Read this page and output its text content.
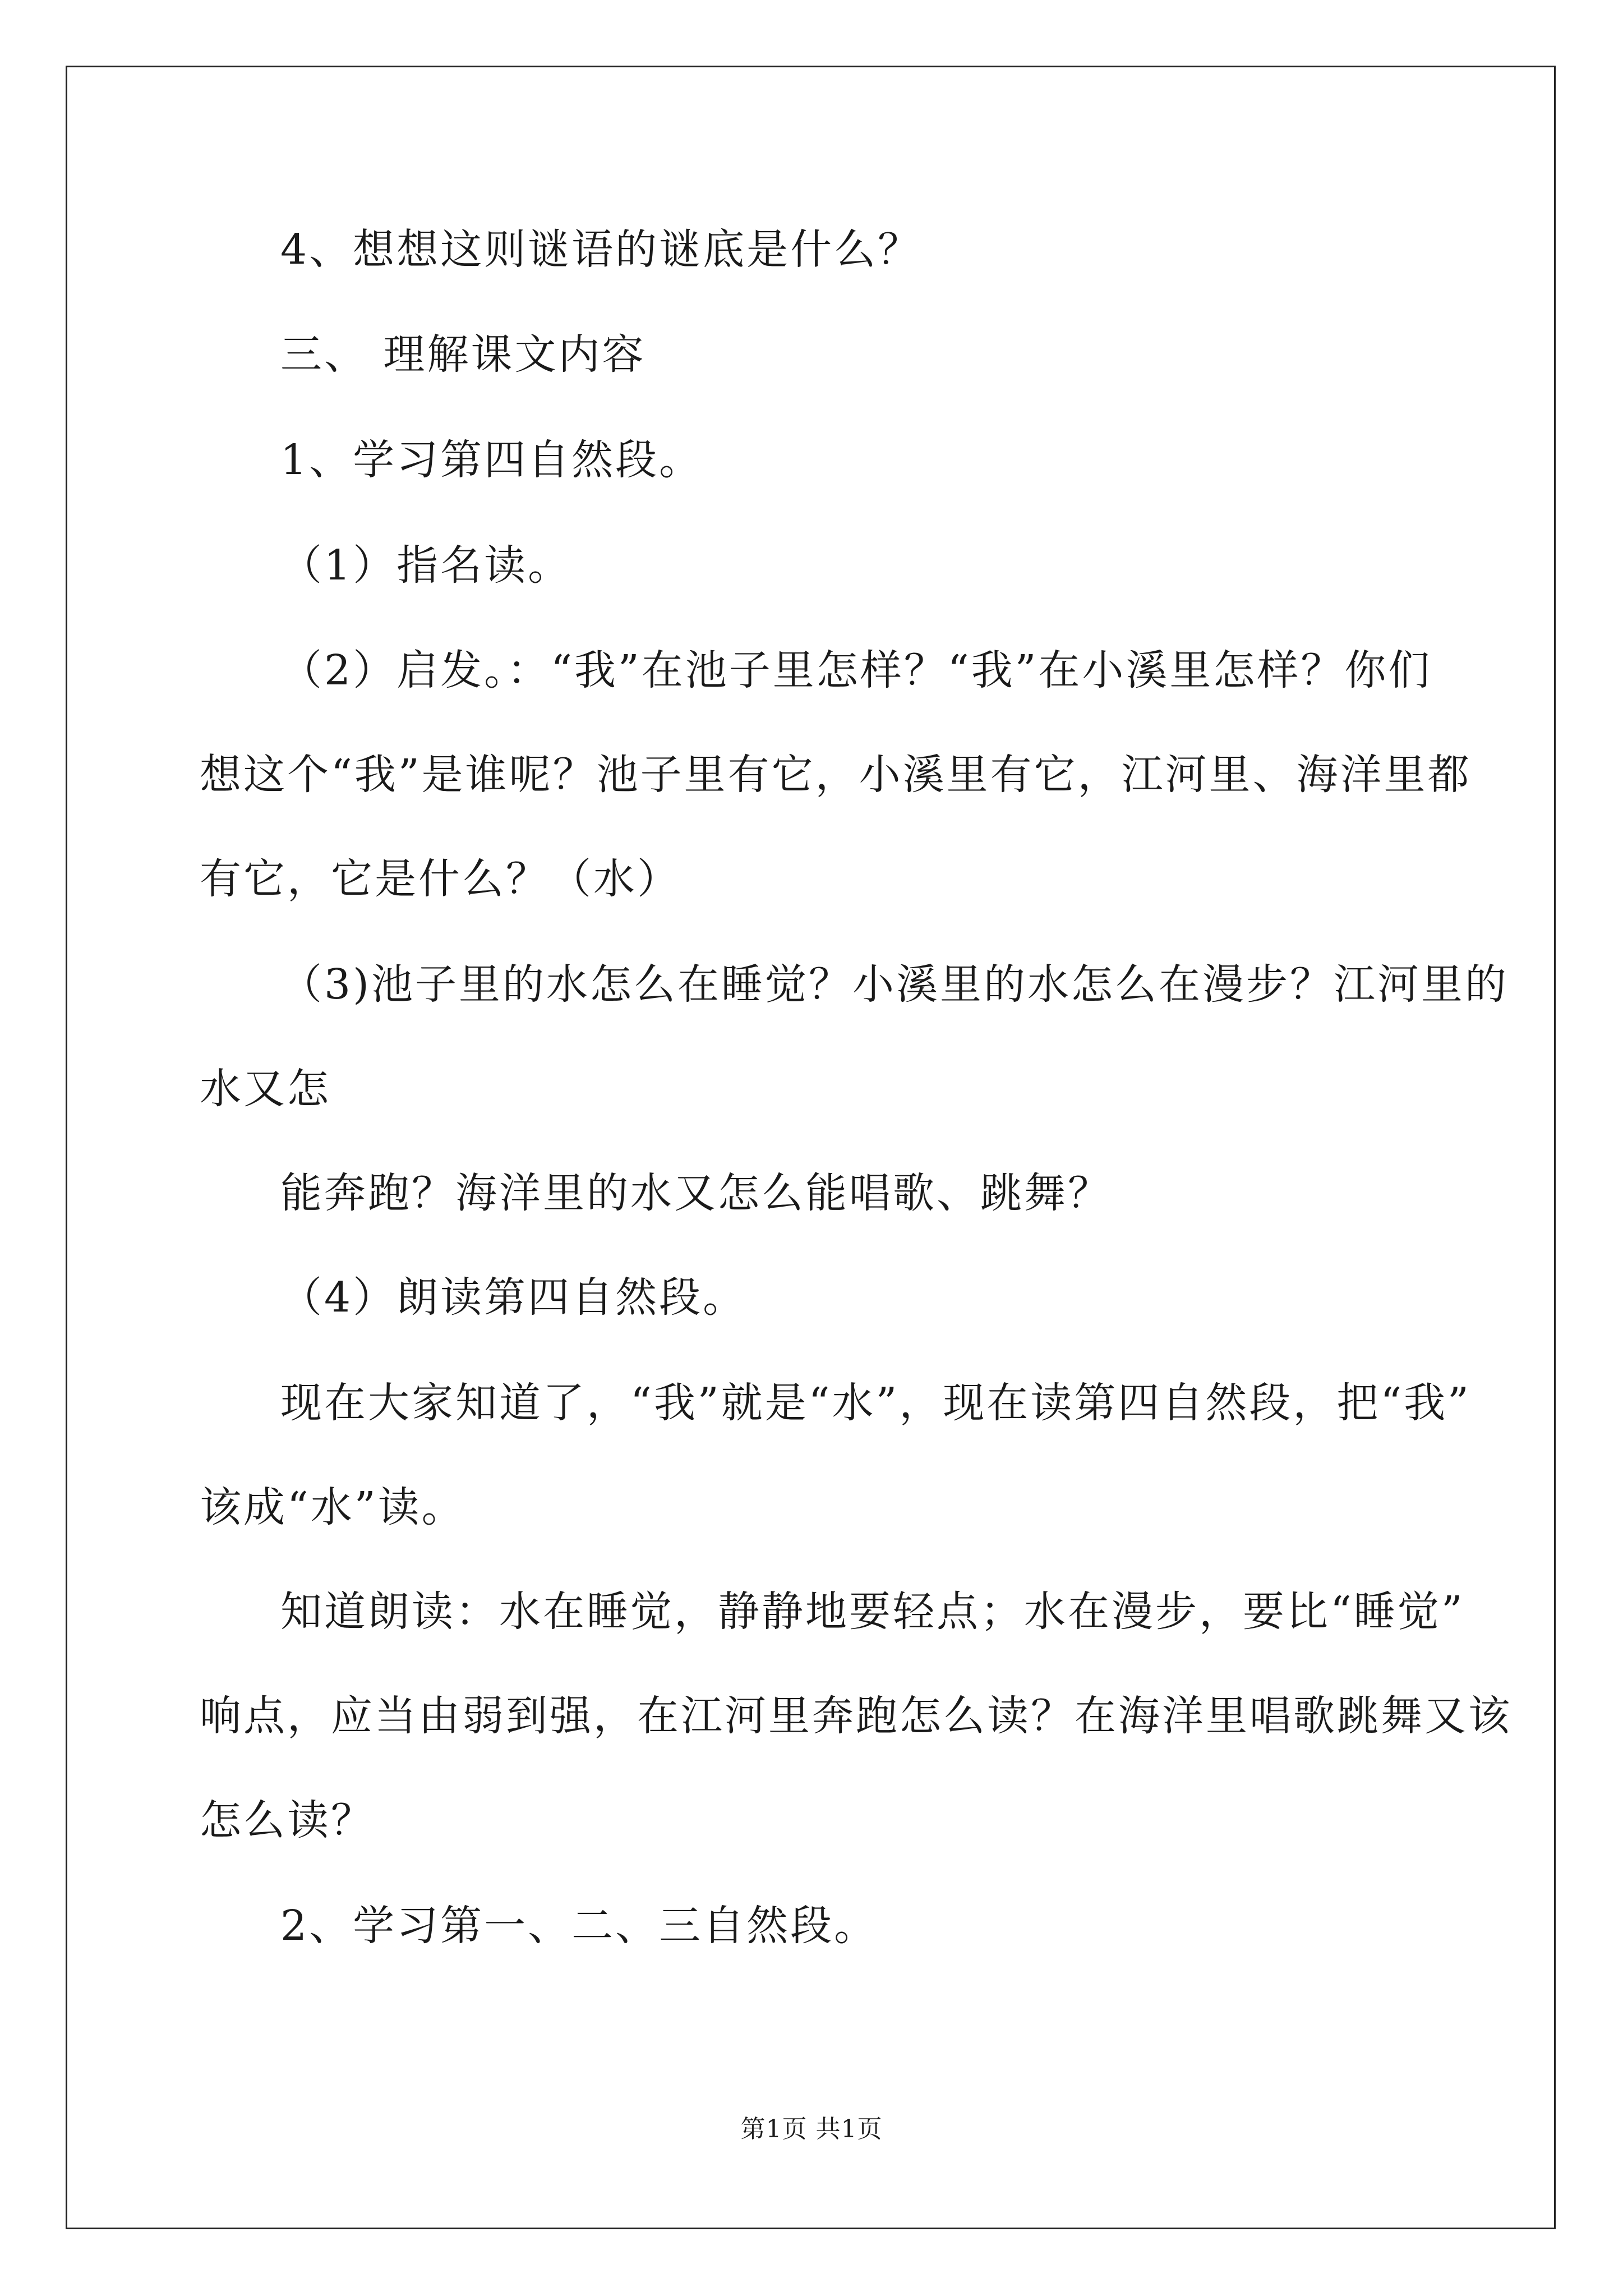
4、想想这则谜语的谜底是什么？
三、 理解课文内容
1、学习第四自然段。
（1）指名读。
（2）启发。：“我”在池子里怎样？“我”在小溪里怎样？你们
想这个“我”是谁呢？池子里有它，小溪里有它，江河里、海洋里都
有它，它是什么？（水）
（3)池子里的水怎么在睡觉？小溪里的水怎么在漫步？江河里的
水又怎
能奔跑？海洋里的水又怎么能唱歌、跳舞？
（4）朗读第四自然段。
现在大家知道了，“我”就是“水”，现在读第四自然段，把“我”
该成“水”读。
知道朗读：水在睡觉，静静地要轻点；水在漫步，要比“睡觉”
响点，应当由弱到强，在江河里奔跑怎么读？在海洋里唱歌跳舞又该
怎么读？
2、学习第一、二、三自然段。
第1页 共1页
